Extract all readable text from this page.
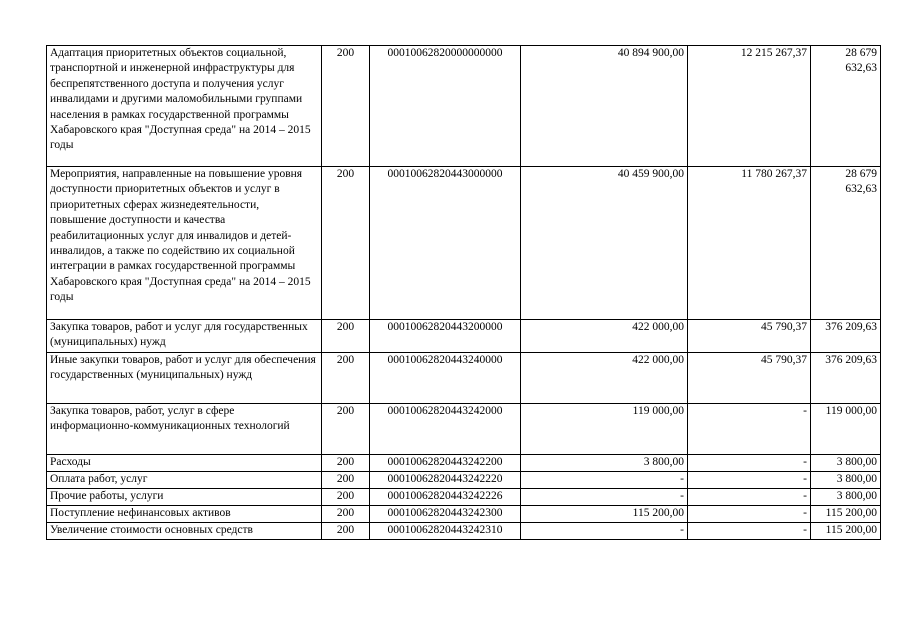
Адаптация приоритетных объектов социальной, транспортной и инженерной инфраструктуры для беспрепятственного доступа и получения услуг инвалидами и другими маломобильными группами населения в рамках государственной программы Хабаровского края "Доступная среда" на 2014 – 2015 годы	200	00010062820000000000	40 894 900,00	12 215 267,37	28 679 632,63
Мероприятия, направленные на повышение уровня доступности приоритетных объектов и услуг в приоритетных сферах жизнедеятельности, повышение доступности и качества реабилитационных услуг для инвалидов и детей-инвалидов, а также по содействию их социальной интеграции в рамках государственной программы Хабаровского края "Доступная среда" на 2014 – 2015 годы	200	00010062820443000000	40 459 900,00	11 780 267,37	28 679 632,63
Закупка товаров, работ и услуг для государственных (муниципальных) нужд	200	00010062820443200000	422 000,00	45 790,37	376 209,63
Иные закупки товаров, работ и услуг для обеспечения государственных (муниципальных) нужд	200	00010062820443240000	422 000,00	45 790,37	376 209,63
Закупка товаров, работ, услуг в сфере информационно-коммуникационных технологий	200	00010062820443242000	119 000,00	-	119 000,00
Расходы	200	00010062820443242200	3 800,00	-	3 800,00
Оплата работ, услуг	200	00010062820443242220	-	-	3 800,00
Прочие работы, услуги	200	00010062820443242226	-	-	3 800,00
Поступление нефинансовых активов	200	00010062820443242300	115 200,00	-	115 200,00
Увеличение стоимости основных средств	200	00010062820443242310	-	-	115 200,00
